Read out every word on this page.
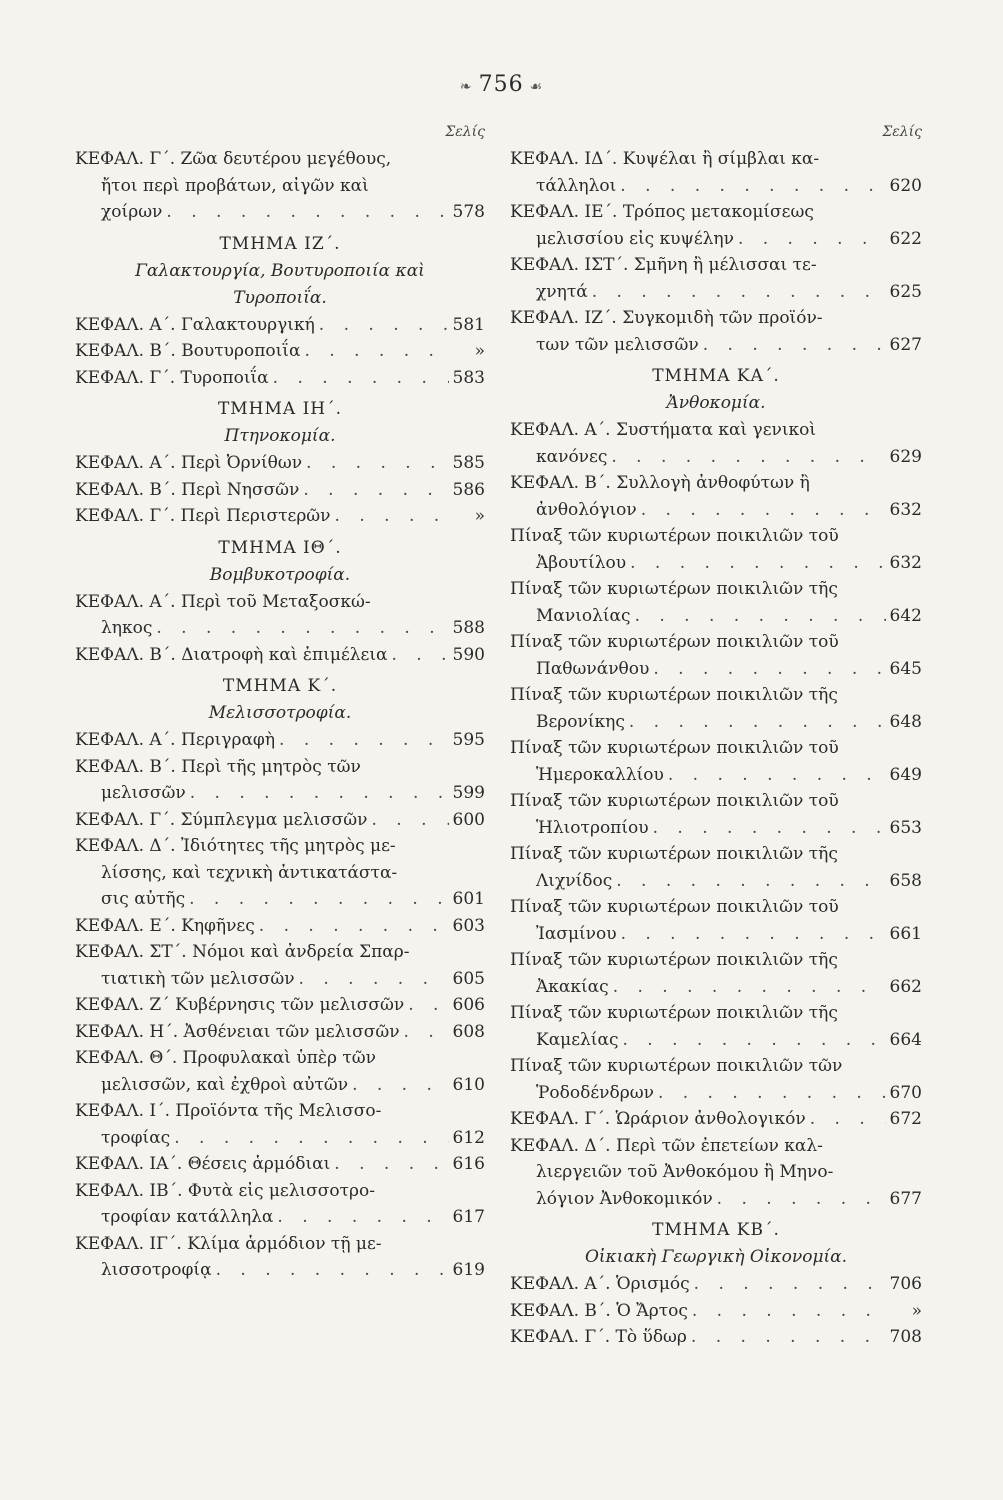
❧ 756 ☙
Σελίς
ΚΕΦΑΛ. Γ΄. Ζῶα δευτέρου μεγέθους,
ἤτοι περὶ προβάτων, αἰγῶν καὶ
χοίρων . . .	578
ΤΜΗΜΑ ΙΖ΄.
Γαλακτουργία, Βουτυροποιία καὶ
Τυροποιΐα.
ΚΕΦΑΛ. Α΄. Γαλακτουργική . . .	581
ΚΕΦΑΛ. Β΄. Βουτυροποιΐα . . .	»
ΚΕΦΑΛ. Γ΄. Τυροποιΐα . . .	583
ΤΜΗΜΑ ΙΗ΄.
Πτηνοκομία.
ΚΕΦΑΛ. Α΄. Περὶ Ὀρνίθων . . .	585
ΚΕΦΑΛ. Β΄. Περὶ Νησσῶν . . .	586
ΚΕΦΑΛ. Γ΄. Περὶ Περιστερῶν . . .	»
ΤΜΗΜΑ ΙΘ΄.
Βομβυκοτροφία.
ΚΕΦΑΛ. Α΄. Περὶ τοῦ Μεταξοσκώ-
ληκος . . .	588
ΚΕΦΑΛ. Β΄. Διατροφὴ καὶ ἐπιμέλεια . . .	590
ΤΜΗΜΑ Κ΄.
Μελισσοτροφία.
ΚΕΦΑΛ. Α΄. Περιγραφὴ . . .	595
ΚΕΦΑΛ. Β΄. Περὶ τῆς μητρὸς τῶν
μελισσῶν . . .	599
ΚΕΦΑΛ. Γ΄. Σύμπλεγμα μελισσῶν . . .	600
ΚΕΦΑΛ. Δ΄. Ἰδιότητες τῆς μητρὸς με-
λίσσης, καὶ τεχνικὴ ἀντικατάστα-
σις αὐτῆς . . .	601
ΚΕΦΑΛ. Ε΄. Κηφῆνες . . .	603
ΚΕΦΑΛ. ΣΤ΄. Νόμοι καὶ ἀνδρεία Σπαρ-
τιατικὴ τῶν μελισσῶν . . .	605
ΚΕΦΑΛ. Ζ΄ Κυβέρνησις τῶν μελισσῶν . . .	606
ΚΕΦΑΛ. Η΄. Ἀσθένειαι τῶν μελισσῶν . . .	608
ΚΕΦΑΛ. Θ΄. Προφυλακαὶ ὑπὲρ τῶν
μελισσῶν, καὶ ἐχθροὶ αὐτῶν . . .	610
ΚΕΦΑΛ. Ι΄. Προϊόντα τῆς Μελισσο-
τροφίας . . .	612
ΚΕΦΑΛ. ΙΑ΄. Θέσεις ἁρμόδιαι . . .	616
ΚΕΦΑΛ. ΙΒ΄. Φυτὰ εἰς μελισσοτρο-
τροφίαν κατάλληλα . . .	617
ΚΕΦΑΛ. ΙΓ΄. Κλίμα ἁρμόδιον τῇ με-
λισσοτροφίᾳ . . .	619
Σελίς
ΚΕΦΑΛ. ΙΔ΄. Κυψέλαι ἢ σίμβλαι κα-
τάλληλοι . . .	620
ΚΕΦΑΛ. ΙΕ΄. Τρόπος μετακομίσεως
μελισσίου εἰς κυψέλην . . .	622
ΚΕΦΑΛ. ΙΣΤ΄. Σμῆνη ἢ μέλισσαι τε-
χνητά . . .	625
ΚΕΦΑΛ. ΙΖ΄. Συγκομιδὴ τῶν προϊόν-
των τῶν μελισσῶν . . .	627
ΤΜΗΜΑ ΚΑ΄.
Ἀνθοκομία.
ΚΕΦΑΛ. Α΄. Συστήματα καὶ γενικοὶ
κανόνες . . .	629
ΚΕΦΑΛ. Β΄. Συλλογὴ ἀνθοφύτων ἢ
ἀνθολόγιον . . .	632
Πίναξ τῶν κυριωτέρων ποικιλιῶν τοῦ
Ἀβουτίλου . . .	632
Πίναξ τῶν κυριωτέρων ποικιλιῶν τῆς
Μανιολίας . . .	642
Πίναξ τῶν κυριωτέρων ποικιλιῶν τοῦ
Παθωνάνθου . . .	645
Πίναξ τῶν κυριωτέρων ποικιλιῶν τῆς
Βερονίκης . . .	648
Πίναξ τῶν κυριωτέρων ποικιλιῶν τοῦ
Ἡμεροκαλλίου . . .	649
Πίναξ τῶν κυριωτέρων ποικιλιῶν τοῦ
Ἡλιοτροπίου . . .	653
Πίναξ τῶν κυριωτέρων ποικιλιῶν τῆς
Λιχνίδος . . .	658
Πίναξ τῶν κυριωτέρων ποικιλιῶν τοῦ
Ἰασμίνου . . .	661
Πίναξ τῶν κυριωτέρων ποικιλιῶν τῆς
Ἀκακίας . . .	662
Πίναξ τῶν κυριωτέρων ποικιλιῶν τῆς
Καμελίας . . .	664
Πίναξ τῶν κυριωτέρων ποικιλιῶν τῶν
Ῥοδοδένδρων . . .	670
ΚΕΦΑΛ. Γ΄. Ὡράριον ἀνθολογικόν . . .	672
ΚΕΦΑΛ. Δ΄. Περὶ τῶν ἐπετείων καλ-
λιεργειῶν τοῦ Ἀνθοκόμου ἢ Μηνο-
λόγιον Ἀνθοκομικόν . . .	677
ΤΜΗΜΑ ΚΒ΄.
Οἰκιακὴ Γεωργικὴ Οἰκονομία.
ΚΕΦΑΛ. Α΄. Ὁρισμός . . .	706
ΚΕΦΑΛ. Β΄. Ὁ Ἄρτος . . .	»
ΚΕΦΑΛ. Γ΄. Τὸ ὕδωρ . . .	708
